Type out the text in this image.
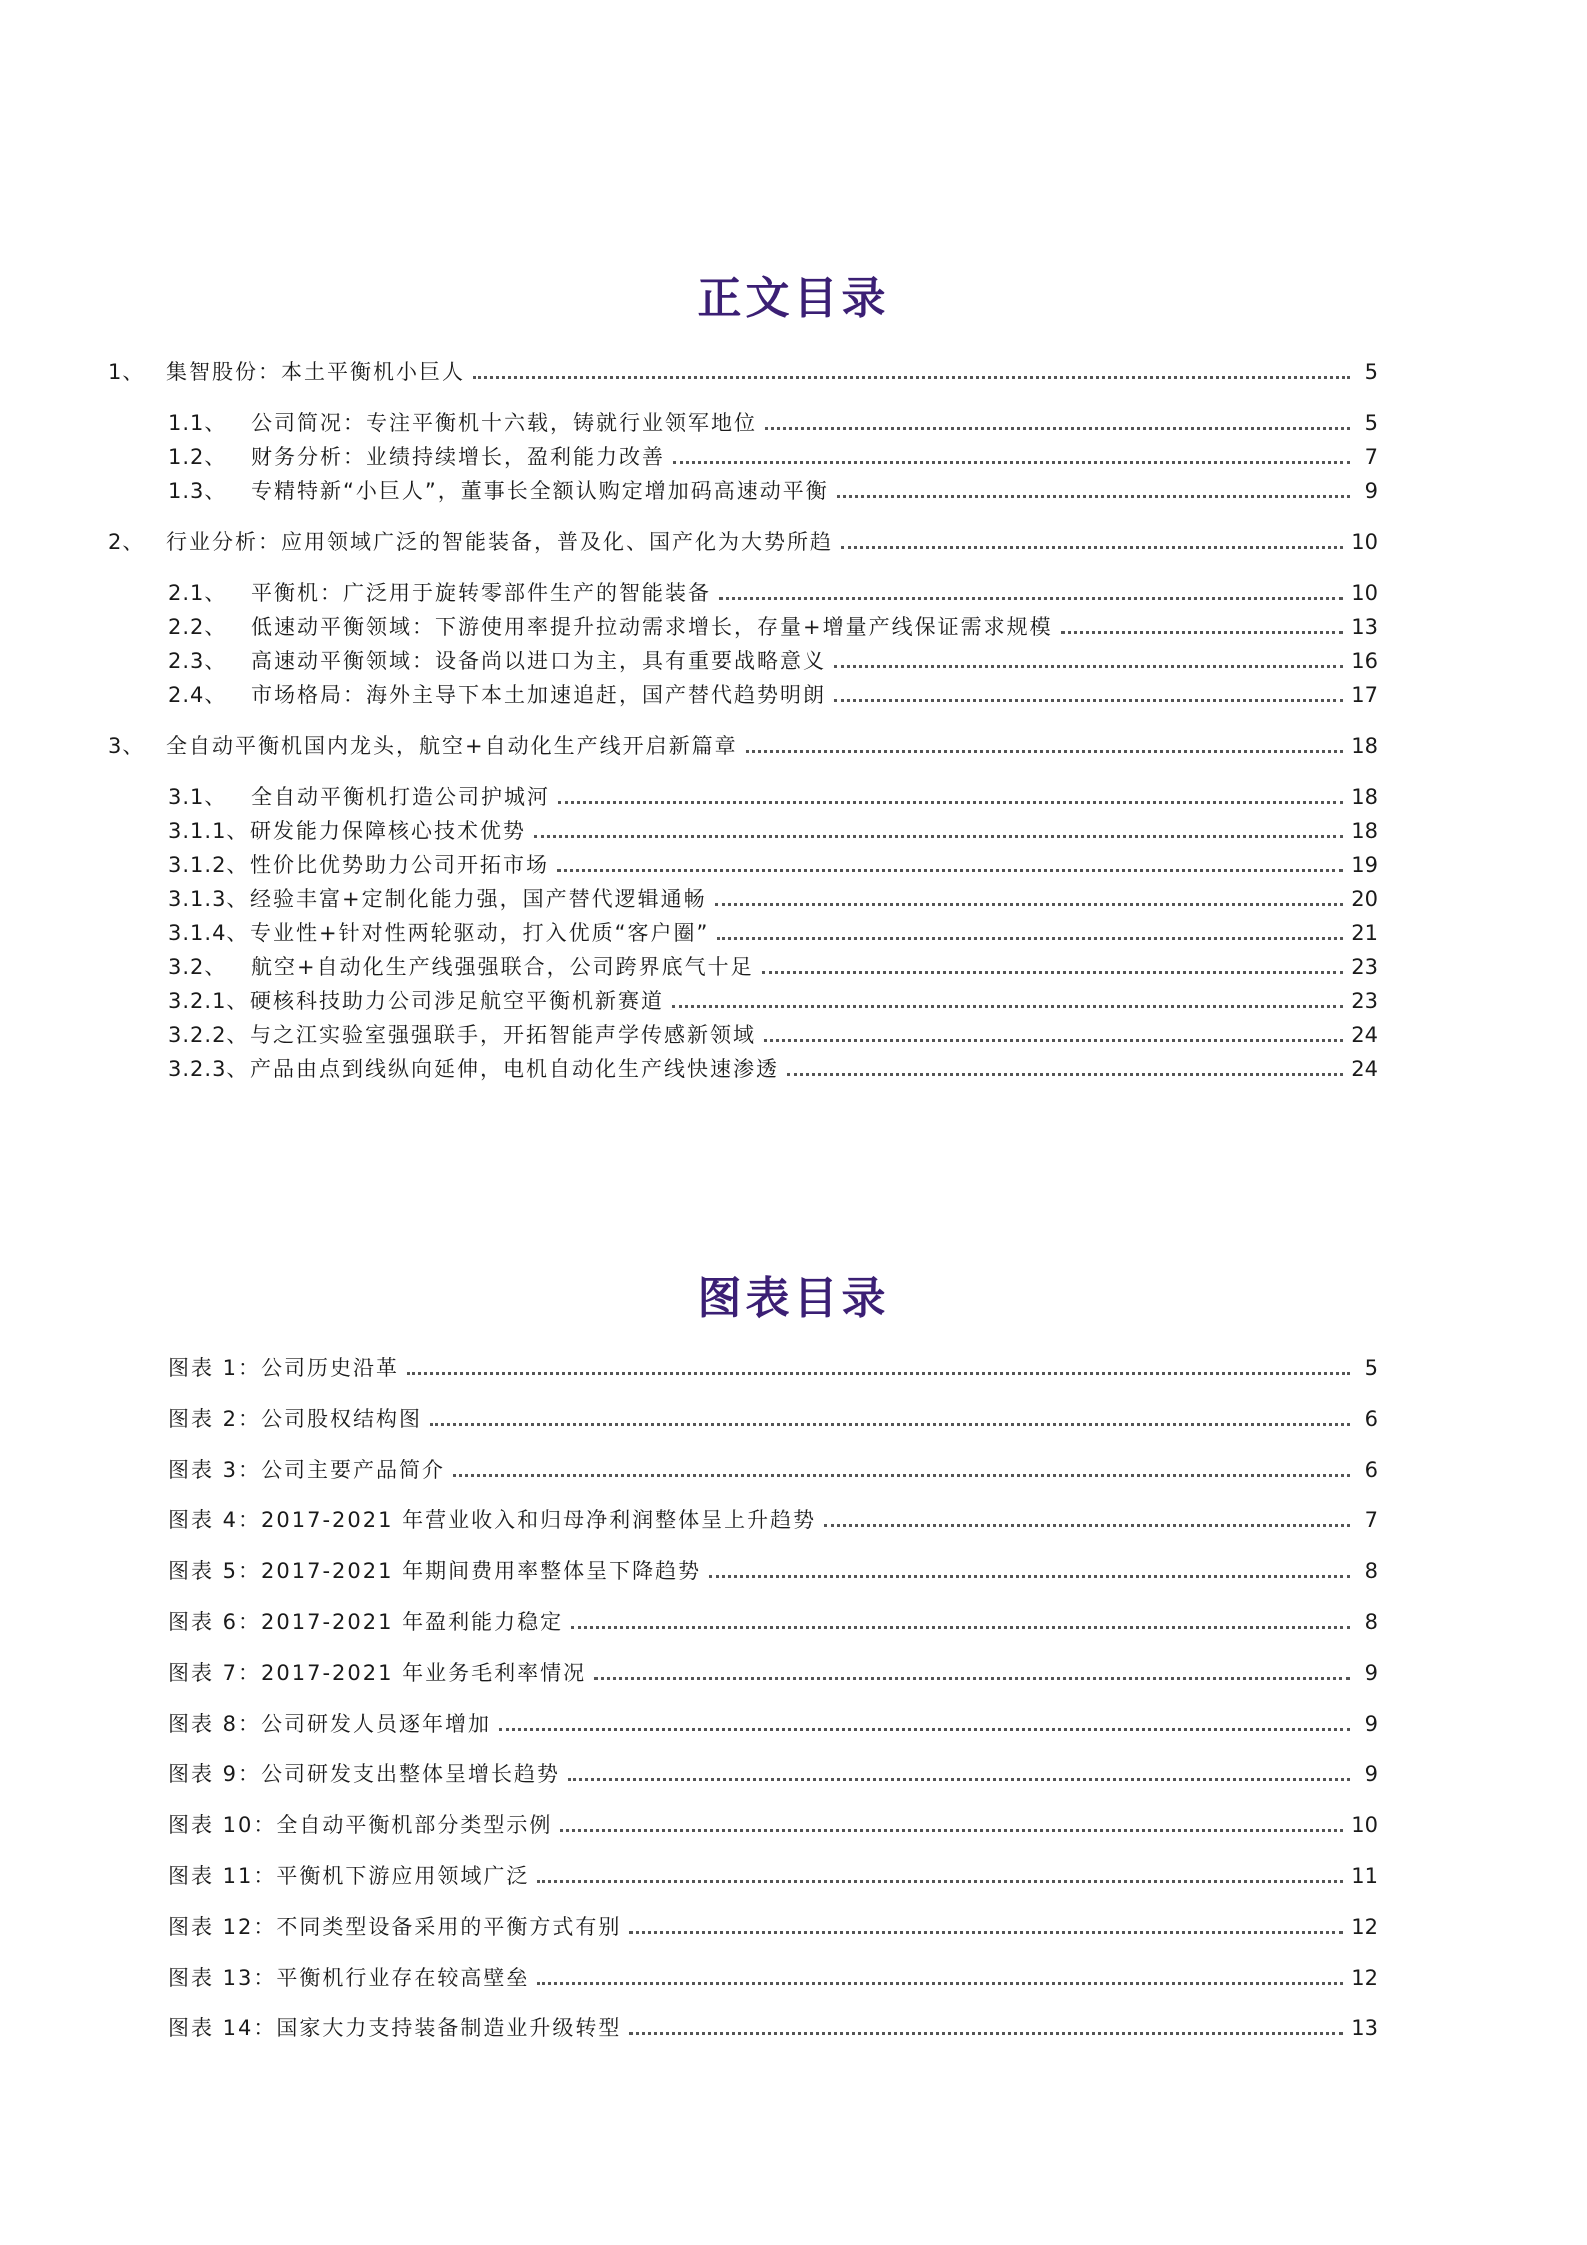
正文目录
1、	集智股份：本土平衡机小巨人	5
1.1、	公司简况：专注平衡机十六载，铸就行业领军地位	5
1.2、	财务分析：业绩持续增长，盈利能力改善	7
1.3、	专精特新“小巨人”，董事长全额认购定增加码高速动平衡	9
2、	行业分析：应用领域广泛的智能装备，普及化、国产化为大势所趋	10
2.1、	平衡机：广泛用于旋转零部件生产的智能装备	10
2.2、	低速动平衡领域：下游使用率提升拉动需求增长，存量+增量产线保证需求规模	13
2.3、	高速动平衡领域：设备尚以进口为主，具有重要战略意义	16
2.4、	市场格局：海外主导下本土加速追赶，国产替代趋势明朗	17
3、	全自动平衡机国内龙头，航空+自动化生产线开启新篇章	18
3.1、	全自动平衡机打造公司护城河	18
3.1.1、 研发能力保障核心技术优势	18
3.1.2、 性价比优势助力公司开拓市场	19
3.1.3、 经验丰富+定制化能力强，国产替代逻辑通畅	20
3.1.4、 专业性+针对性两轮驱动，打入优质“客户圈”	21
3.2、	航空+自动化生产线强强联合，公司跨界底气十足	23
3.2.1、 硬核科技助力公司涉足航空平衡机新赛道	23
3.2.2、 与之江实验室强强联手，开拓智能声学传感新领域	24
3.2.3、 产品由点到线纵向延伸，电机自动化生产线快速渗透	24
图表目录
图表 1：公司历史沿革	5
图表 2：公司股权结构图	6
图表 3：公司主要产品简介	6
图表 4：2017-2021 年营业收入和归母净利润整体呈上升趋势	7
图表 5：2017-2021 年期间费用率整体呈下降趋势	8
图表 6：2017-2021 年盈利能力稳定	8
图表 7：2017-2021 年业务毛利率情况	9
图表 8：公司研发人员逐年增加	9
图表 9：公司研发支出整体呈增长趋势	9
图表 10：全自动平衡机部分类型示例	10
图表 11：平衡机下游应用领域广泛	11
图表 12：不同类型设备采用的平衡方式有别	12
图表 13：平衡机行业存在较高壁垒	12
图表 14：国家大力支持装备制造业升级转型	13
